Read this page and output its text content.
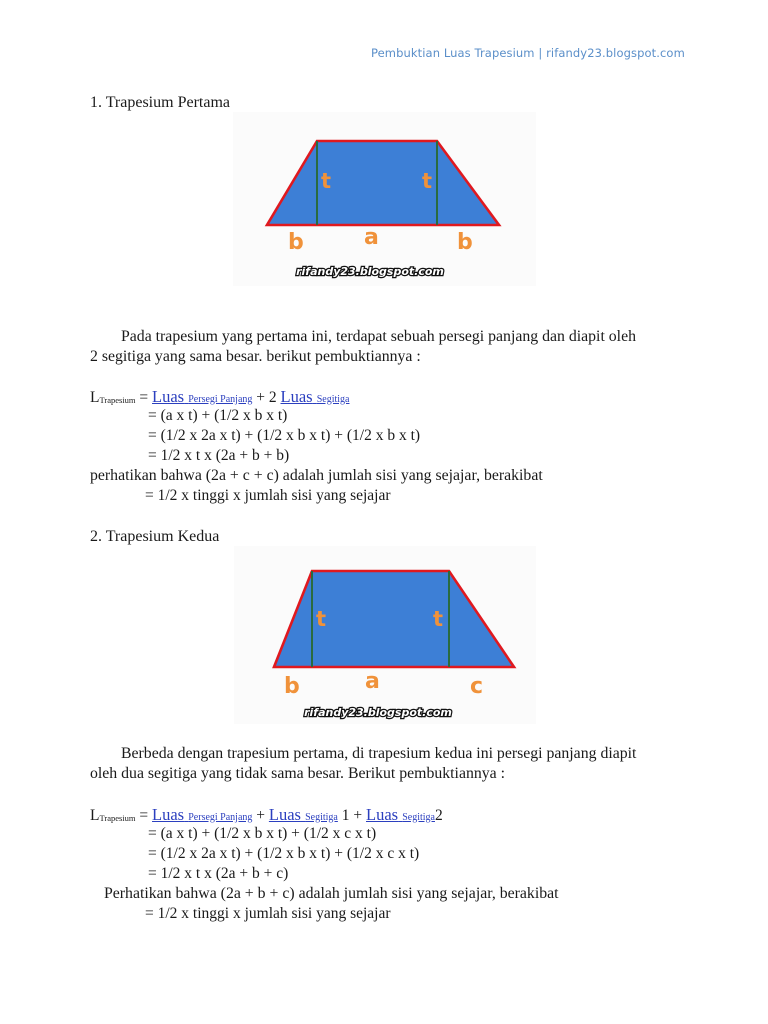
Pembuktian Luas Trapesium | rifandy23.blogspot.com
1. Trapesium Pertama
t	t
b	a	b
rifandy23.blogspot.com
Pada trapesium yang pertama ini, terdapat sebuah persegi panjang dan diapit oleh
2 segitiga yang sama besar. berikut pembuktiannya :
LTrapesium = Luas Persegi Panjang + 2 Luas Segitiga
= (a x t) + (1/2 x b x t)
= (1/2 x 2a x t) + (1/2 x b x t) + (1/2 x b x t)
= 1/2 x t x (2a + b + b)
perhatikan bahwa (2a + c + c) adalah jumlah sisi yang sejajar, berakibat
= 1/2 x tinggi x jumlah sisi yang sejajar
2. Trapesium Kedua
t	t
b	a	c
rifandy23.blogspot.com
Berbeda dengan trapesium pertama, di trapesium kedua ini persegi panjang diapit
oleh dua segitiga yang tidak sama besar. Berikut pembuktiannya :
LTrapesium = Luas Persegi Panjang + Luas Segitiga 1 + Luas Segitiga2
= (a x t) + (1/2 x b x t) + (1/2 x c x t)
= (1/2 x 2a x t) + (1/2 x b x t) + (1/2 x c x t)
= 1/2 x t x (2a + b + c)
Perhatikan bahwa (2a + b + c) adalah jumlah sisi yang sejajar, berakibat
= 1/2 x tinggi x jumlah sisi yang sejajar
